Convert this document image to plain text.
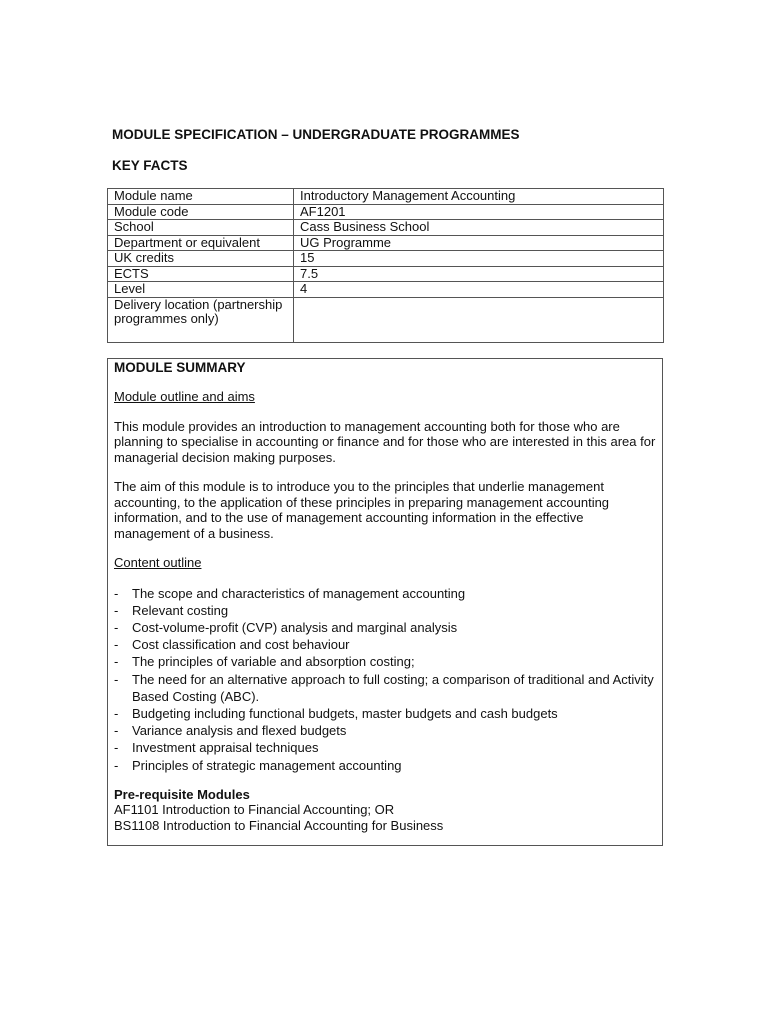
MODULE SPECIFICATION – UNDERGRADUATE PROGRAMMES
KEY FACTS
Module name	Introductory Management Accounting
Module code	AF1201
School	Cass Business School
Department or equivalent	UG Programme
UK credits	15
ECTS	7.5
Level	4
Delivery location (partnership programmes only)	
MODULE SUMMARY
Module outline and aims
This module provides an introduction to management accounting both for those who are planning to specialise in accounting or finance and for those who are interested in this area for managerial decision making purposes.
The aim of this module is to introduce you to the principles that underlie management accounting, to the application of these principles in preparing management accounting information, and to the use of management accounting information in the effective management of a business.
Content outline
- The scope and characteristics of management accounting
- Relevant costing
- Cost-volume-profit (CVP) analysis and marginal analysis
- Cost classification and cost behaviour
- The principles of variable and absorption costing;
- The need for an alternative approach to full costing; a comparison of traditional and Activity Based Costing (ABC).
- Budgeting including functional budgets, master budgets and cash budgets
- Variance analysis and flexed budgets
- Investment appraisal techniques
- Principles of strategic management accounting
Pre-requisite Modules
AF1101 Introduction to Financial Accounting; OR
BS1108 Introduction to Financial Accounting for Business
